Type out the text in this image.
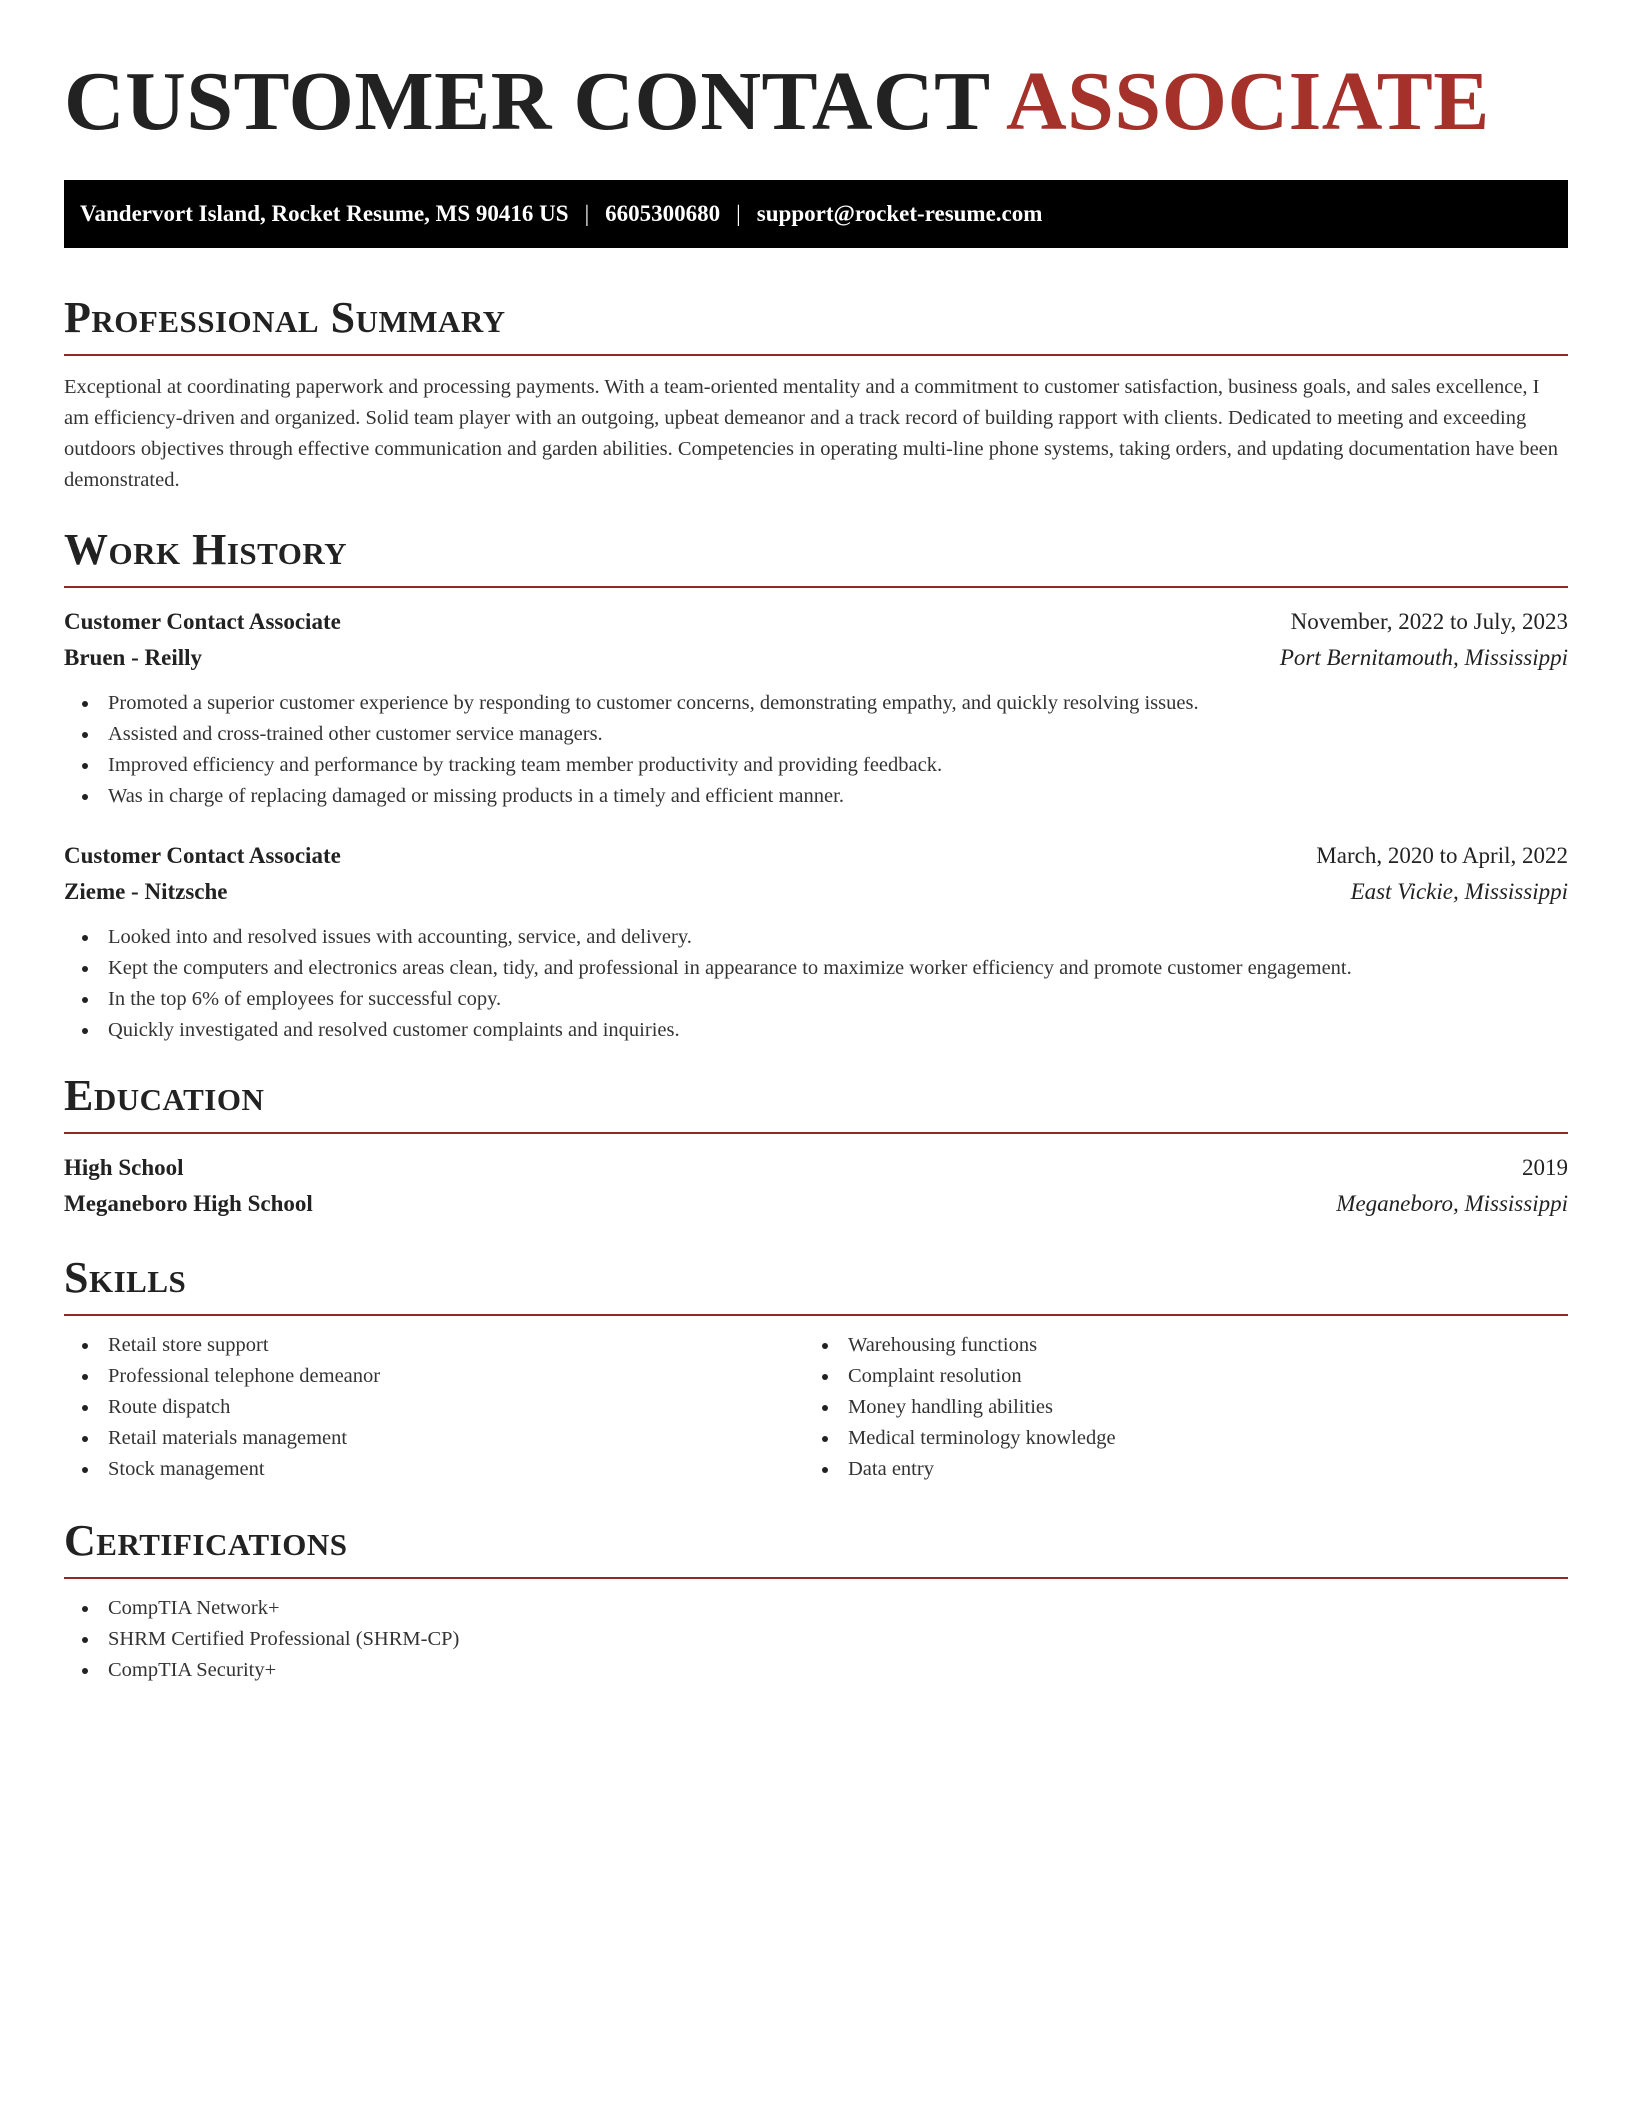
CUSTOMER CONTACT ASSOCIATE
Vandervort Island, Rocket Resume, MS 90416 US | 6605300680 | support@rocket-resume.com
Professional Summary

Exceptional at coordinating paperwork and processing payments. With a team-oriented mentality and a commitment to customer satisfaction, business goals, and sales excellence, I am efficiency-driven and organized. Solid team player with an outgoing, upbeat demeanor and a track record of building rapport with clients. Dedicated to meeting and exceeding outdoors objectives through effective communication and garden abilities. Competencies in operating multi-line phone systems, taking orders, and updating documentation have been demonstrated.

Work History
Customer Contact Associate	November, 2022 to July, 2023
Bruen - Reilly	Port Bernitamouth, Mississippi
Promoted a superior customer experience by responding to customer concerns, demonstrating empathy, and quickly resolving issues.
Assisted and cross-trained other customer service managers.
Improved efficiency and performance by tracking team member productivity and providing feedback.
Was in charge of replacing damaged or missing products in a timely and efficient manner.
Customer Contact Associate	March, 2020 to April, 2022
Zieme - Nitzsche	East Vickie, Mississippi
Looked into and resolved issues with accounting, service, and delivery.
Kept the computers and electronics areas clean, tidy, and professional in appearance to maximize worker efficiency and promote customer engagement.
In the top 6% of employees for successful copy.
Quickly investigated and resolved customer complaints and inquiries.
Education
High School	2019
Meganeboro High School	Meganeboro, Mississippi
Skills
Retail store support
Professional telephone demeanor
Route dispatch
Retail materials management
Stock management
Warehousing functions
Complaint resolution
Money handling abilities
Medical terminology knowledge
Data entry
Certifications
CompTIA Network+
SHRM Certified Professional (SHRM-CP)
CompTIA Security+
